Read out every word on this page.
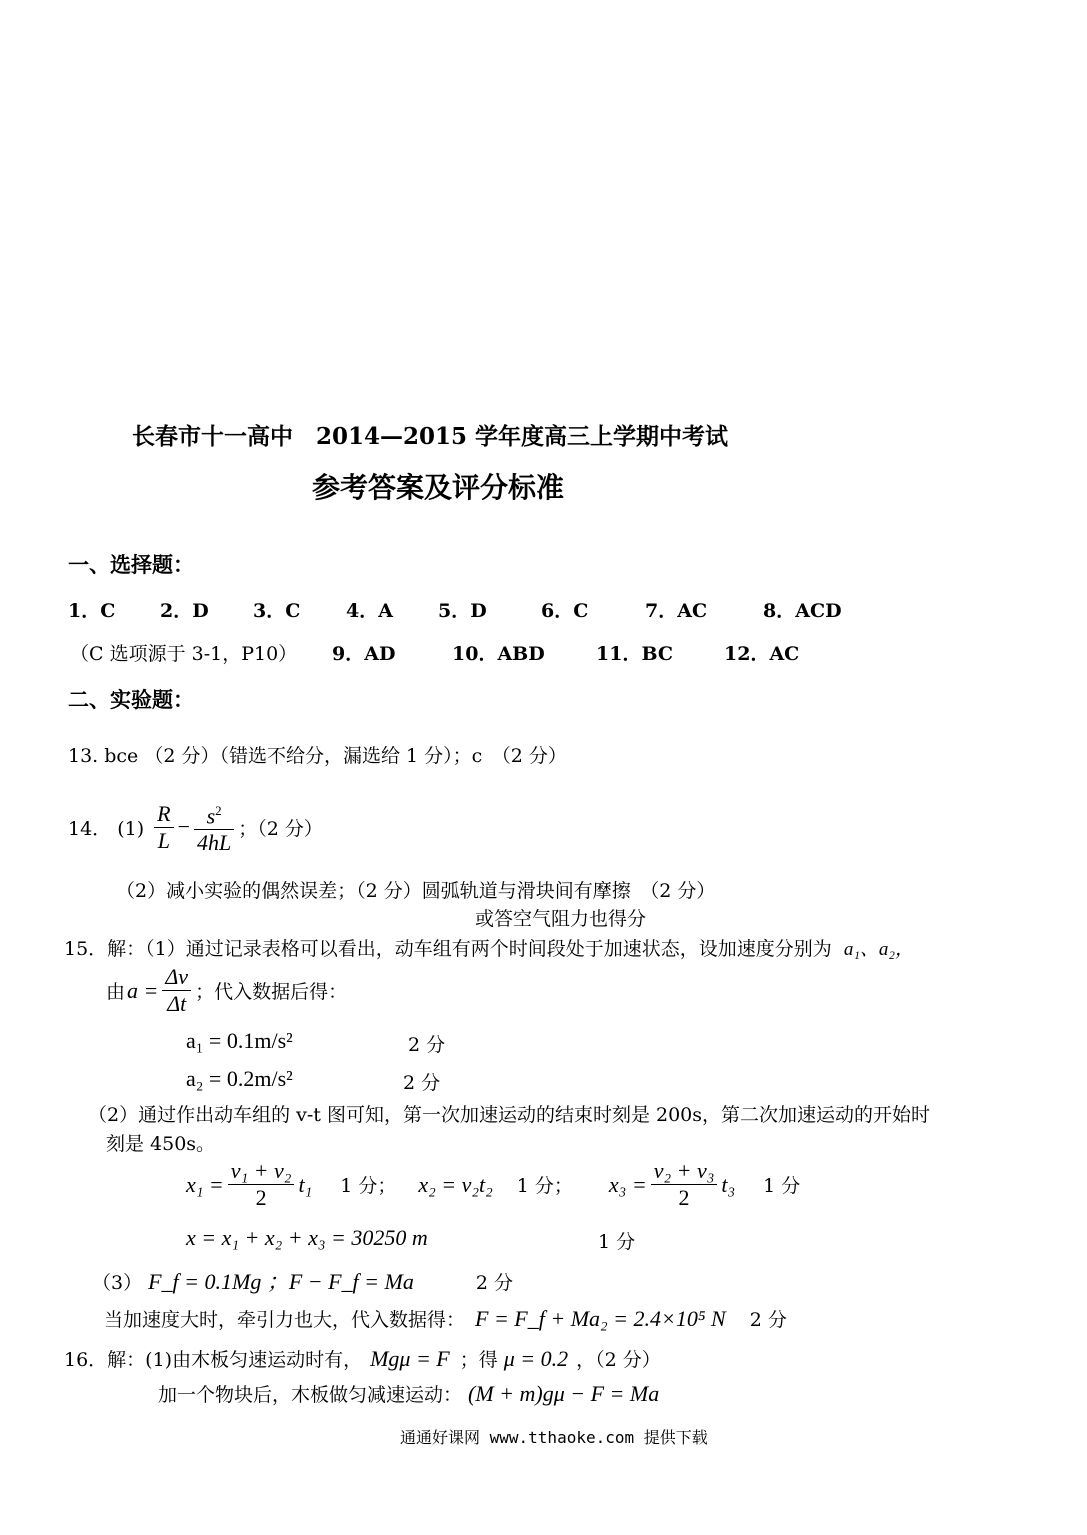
长春市十一高中　2014—2015 学年度高三上学期中考试
参考答案及评分标准
一、选择题：
1．C 2．D 3．C 4．A 5．D	6．C	7．AC	8．ACD
（C 选项源于 3-1，P10） 9．AD	10．ABD	11．BC	12．AC
二、实验题：
13. bce （2 分）（错选不给分，漏选给 1 分）；c　（2 分）
14． $(1) \frac{R}{L} - \frac{s^2}{4hL}$ ；（2 分）
（2）减小实验的偶然误差；（2 分）圆弧轨道与滑块间有摩擦　（2 分）
或答空气阻力也得分
15．解：（1）通过记录表格可以看出，动车组有两个时间段处于加速状态，设加速度分别为 a₁、a₂，
由 $a = \frac{\Delta v}{\Delta t}$ ；代入数据后得：
a₁ = 0.1m/s²	2 分
a₂ = 0.2m/s²	2 分
（2）通过作出动车组的 v-t 图可知，第一次加速运动的结束时刻是 200s，第二次加速运动的开始时
刻是 450s。
$x_1 = \frac{\text{v₁ + v₂}}{2} t_1$ 1 分； x₂ = v₂t₂ 1 分； $x_3 = \frac{\text{v₂ + v₃}}{2} t_3$ 1 分
x = x₁ + x₂ + x₃ = 30250 m	1 分
（3） F_f = 0.1Mg ；F − F_f = Ma	2 分
当加速度大时，牵引力也大，代入数据得： F = F_f + Ma₂ = 2.4×10⁵ N 2 分
16．解：(1)由木板匀速运动时有， Mgμ = F ；得 μ = 0.2 ，（2 分）
加一个物块后，木板做匀减速运动： (M + m)gμ − F = Ma
通通好课网 www.tthaoke.com 提供下载
